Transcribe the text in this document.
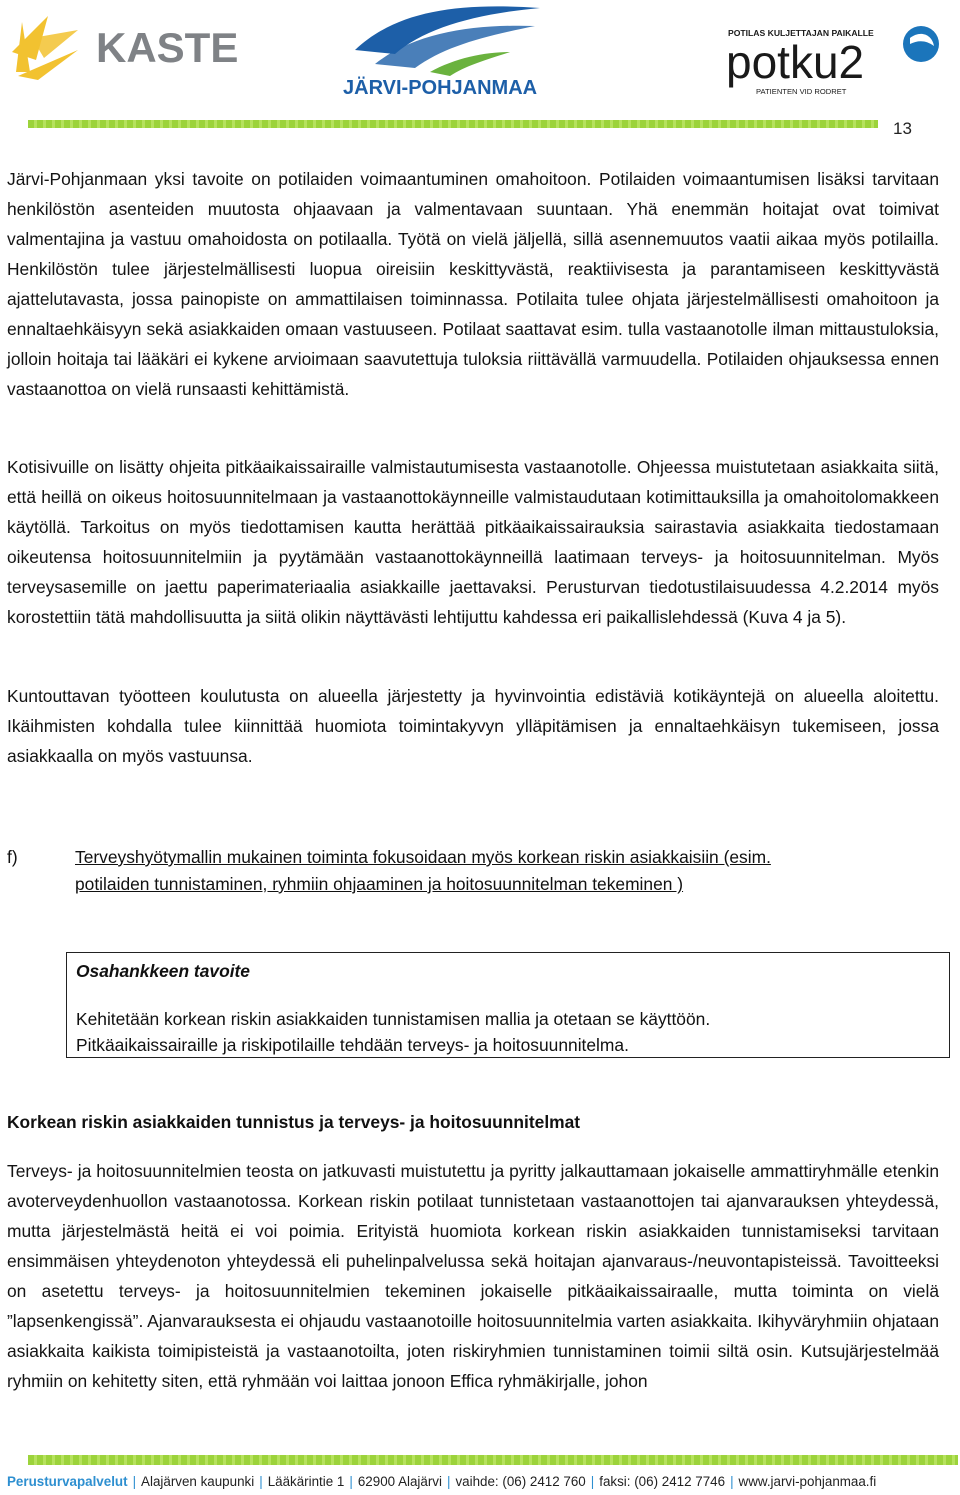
KASTE
JÄRVI-POHJANMAA
POTILAS KULJETTAJAN PAIKALLE
potku2
PATIENTEN VID RODRET
13

Järvi-Pohjanmaan yksi tavoite on potilaiden voimaantuminen omahoitoon. Potilaiden voimaantumisen lisäksi tarvitaan henkilöstön asenteiden muutosta ohjaavaan ja valmentavaan suuntaan. Yhä enemmän hoitajat ovat toimivat valmentajina ja vastuu omahoidosta on potilaalla. Työtä on vielä jäljellä, sillä asennemuutos vaatii aikaa myös potilailla. Henkilöstön tulee järjestelmällisesti luopua oireisiin keskittyvästä, reaktiivisesta ja parantamiseen keskittyvästä ajattelutavasta, jossa painopiste on ammattilaisen toiminnassa. Potilaita tulee ohjata järjestelmällisesti omahoitoon ja ennaltaehkäisyyn sekä asiakkaiden omaan vastuuseen. Potilaat saattavat esim. tulla vastaanotolle ilman mittaustuloksia, jolloin hoitaja tai lääkäri ei kykene arvioimaan saavutettuja tuloksia riittävällä varmuudella. Potilaiden ohjauksessa ennen vastaanottoa on vielä runsaasti kehittämistä.

Kotisivuille on lisätty ohjeita pitkäaikaissairaille valmistautumisesta vastaanotolle. Ohjeessa muistutetaan asiakkaita siitä, että heillä on oikeus hoitosuunnitelmaan ja vastaanottokäynneille valmistaudutaan kotimittauksilla ja omahoitolomakkeen käytöllä. Tarkoitus on myös tiedottamisen kautta herättää pitkäaikaissairauksia sairastavia asiakkaita tiedostamaan oikeutensa hoitosuunnitelmiin ja pyytämään vastaanottokäynneillä laatimaan terveys- ja hoitosuunnitelman. Myös terveysasemille on jaettu paperimateriaalia asiakkaille jaettavaksi. Perusturvan tiedotustilaisuudessa 4.2.2014 myös korostettiin tätä mahdollisuutta ja siitä olikin näyttävästi lehtijuttu kahdessa eri paikallislehdessä (Kuva 4 ja 5).

Kuntouttavan työotteen koulutusta on alueella järjestetty ja hyvinvointia edistäviä kotikäyntejä on alueella aloitettu. Ikäihmisten kohdalla tulee kiinnittää huomiota toimintakyvyn ylläpitämisen ja ennaltaehkäisyn tukemiseen, jossa asiakkaalla on myös vastuunsa.

f)	Terveyshyötymallin mukainen toiminta fokusoidaan myös korkean riskin asiakkaisiin (esim.
potilaiden tunnistaminen, ryhmiin ohjaaminen ja hoitosuunnitelman tekeminen )
Osahankkeen tavoite
Kehitetään korkean riskin asiakkaiden tunnistamisen mallia ja otetaan se käyttöön.
Pitkäaikaissairaille ja riskipotilaille tehdään terveys- ja hoitosuunnitelma.
Korkean riskin asiakkaiden tunnistus ja terveys- ja hoitosuunnitelmat

Terveys- ja hoitosuunnitelmien teosta on jatkuvasti muistutettu ja pyritty jalkauttamaan jokaiselle ammattiryhmälle etenkin avoterveydenhuollon vastaanotossa. Korkean riskin potilaat tunnistetaan vastaanottojen tai ajanvarauksen yhteydessä, mutta järjestelmästä heitä ei voi poimia. Erityistä huomiota korkean riskin asiakkaiden tunnistamiseksi tarvitaan ensimmäisen yhteydenoton yhteydessä eli puhelinpalvelussa sekä hoitajan ajanvaraus-/neuvontapisteissä. Tavoitteeksi on asetettu terveys- ja hoitosuunnitelmien tekeminen jokaiselle pitkäaikaissairaalle, mutta toiminta on vielä ”lapsenkengissä”. Ajanvarauksesta ei ohjaudu vastaanotoille hoitosuunnitelmia varten asiakkaita. Ikihyväryhmiin ohjataan asiakkaita kaikista toimipisteistä ja vastaanotoilta, joten riskiryhmien tunnistaminen toimii siltä osin. Kutsujärjestelmää ryhmiin on kehitetty siten, että ryhmään voi laittaa jonoon Effica ryhmäkirjalle, johon

Perusturvapalvelut | Alajärven kaupunki | Lääkärintie 1 | 62900 Alajärvi | vaihde: (06) 2412 760 | faksi: (06) 2412 7746 | www.jarvi-pohjanmaa.fi
